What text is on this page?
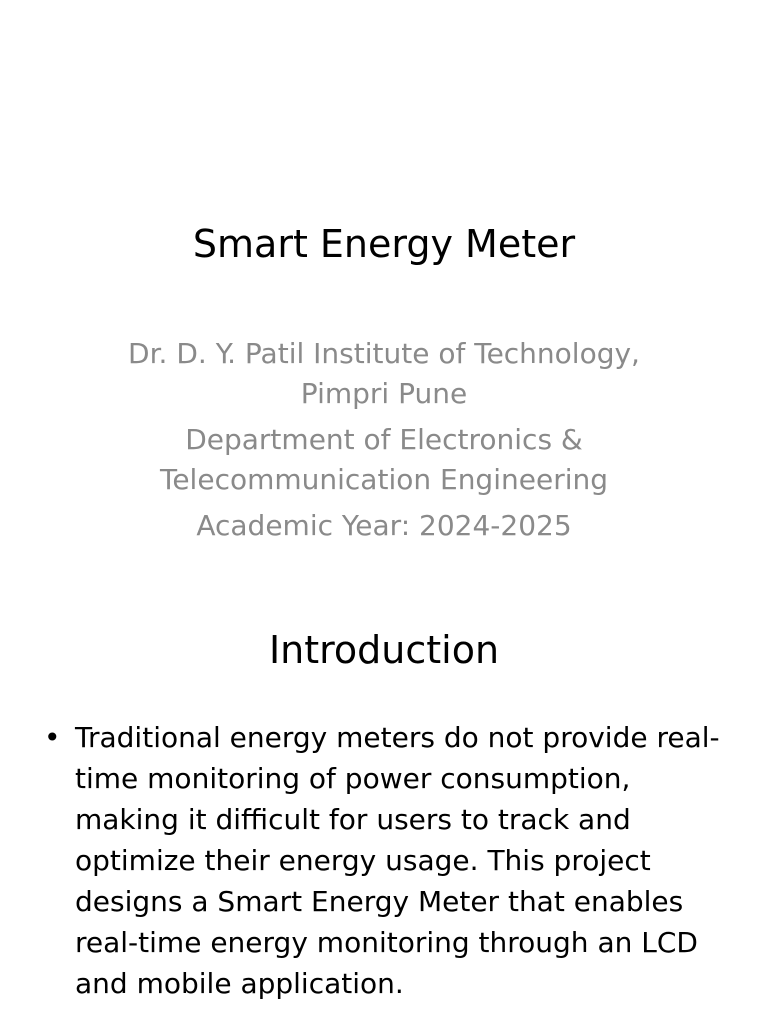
Smart Energy Meter

Dr. D. Y. Patil Institute of Technology, Pimpri Pune

Department of Electronics & Telecommunication Engineering

Academic Year: 2024-2025

Introduction
• Traditional energy meters do not provide real-time monitoring of power consumption, making it difficult for users to track and optimize their energy usage. This project designs a Smart Energy Meter that enables real-time energy monitoring through an LCD and mobile application.
